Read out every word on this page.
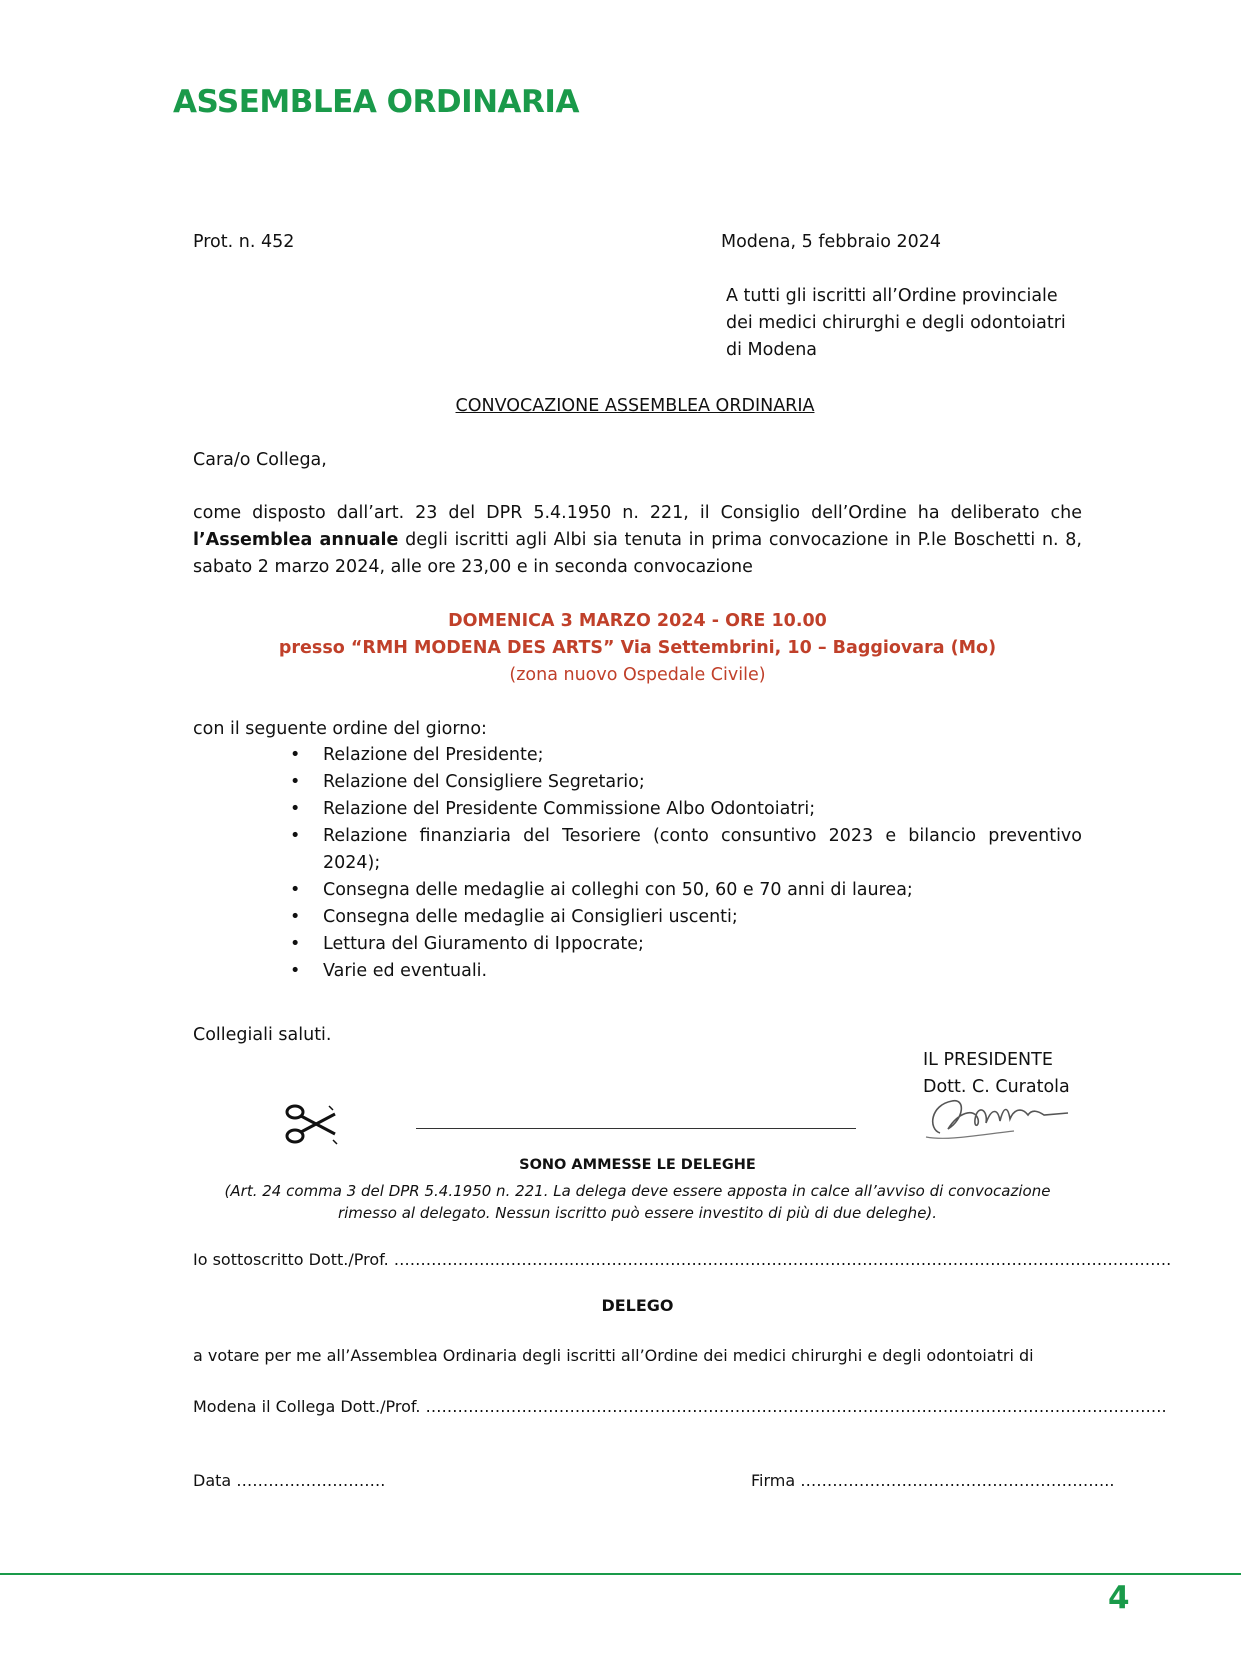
ASSEMBLEA ORDINARIA
Prot. n. 452	Modena, 5 febbraio 2024
A tutti gli iscritti all’Ordine provinciale
dei medici chirurghi e degli odontoiatri
di Modena
CONVOCAZIONE ASSEMBLEA ORDINARIA
Cara/o Collega,
come disposto dall’art. 23 del DPR 5.4.1950 n. 221, il Consiglio dell’Ordine ha deliberato che l’Assemblea annuale degli iscritti agli Albi sia tenuta in prima convocazione in P.le Boschetti n. 8, sabato 2 marzo 2024, alle ore 23,00 e in seconda convocazione
DOMENICA 3 MARZO 2024 - ORE 10.00
presso “RMH MODENA DES ARTS” Via Settembrini, 10 – Baggiovara (Mo)
(zona nuovo Ospedale Civile)
con il seguente ordine del giorno:
• Relazione del Presidente;
• Relazione del Consigliere Segretario;
• Relazione del Presidente Commissione Albo Odontoiatri;
• Relazione finanziaria del Tesoriere (conto consuntivo 2023 e bilancio preventivo 2024);
• Consegna delle medaglie ai colleghi con 50, 60 e 70 anni di laurea;
• Consegna delle medaglie ai Consiglieri uscenti;
• Lettura del Giuramento di Ippocrate;
• Varie ed eventuali.
Collegiali saluti.
IL PRESIDENTE
Dott. C. Curatola
SONO AMMESSE LE DELEGHE
(Art. 24 comma 3 del DPR 5.4.1950 n. 221. La delega deve essere apposta in calce all’avviso di convocazione rimesso al delegato. Nessun iscritto può essere investito di più di due deleghe).
Io sottoscritto Dott./Prof. ………………..…………..………………………………………………………………………………………………….
DELEGO
a votare per me all’Assemblea Ordinaria degli iscritti all’Ordine dei medici chirurghi e degli odontoiatri di
Modena il Collega Dott./Prof. ………………………………………………………………………………………………………………………….
Data ……………………….	Firma …………………………………………………..
4
